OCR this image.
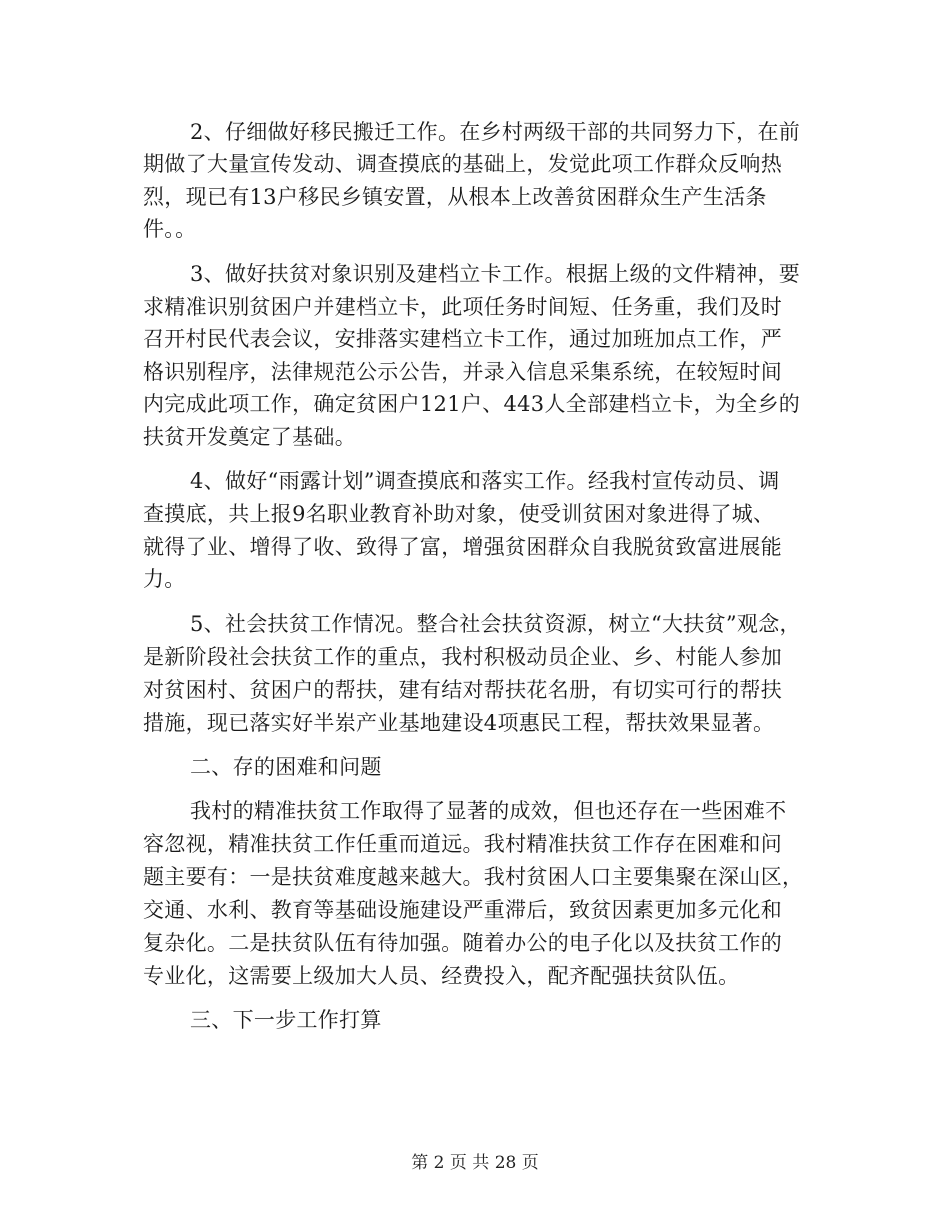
2、仔细做好移民搬迁工作。在乡村两级干部的共同努力下，在前
期做了大量宣传发动、调查摸底的基础上，发觉此项工作群众反响热
烈，现已有13户移民乡镇安置，从根本上改善贫困群众生产生活条
件。。
3、做好扶贫对象识别及建档立卡工作。根据上级的文件精神，要
求精准识别贫困户并建档立卡，此项任务时间短、任务重，我们及时
召开村民代表会议，安排落实建档立卡工作，通过加班加点工作，严
格识别程序，法律规范公示公告，并录入信息采集系统，在较短时间
内完成此项工作，确定贫困户121户、443人全部建档立卡，为全乡的
扶贫开发奠定了基础。
4、做好“雨露计划”调查摸底和落实工作。经我村宣传动员、调
查摸底，共上报9名职业教育补助对象，使受训贫困对象进得了城、
就得了业、增得了收、致得了富，增强贫困群众自我脱贫致富进展能
力。
5、社会扶贫工作情况。整合社会扶贫资源，树立“大扶贫”观念，
是新阶段社会扶贫工作的重点，我村积极动员企业、乡、村能人参加
对贫困村、贫困户的帮扶，建有结对帮扶花名册，有切实可行的帮扶
措施，现已落实好半岽产业基地建设4项惠民工程，帮扶效果显著。
二、存的困难和问题
我村的精准扶贫工作取得了显著的成效，但也还存在一些困难不
容忽视，精准扶贫工作任重而道远。我村精准扶贫工作存在困难和问
题主要有：一是扶贫难度越来越大。我村贫困人口主要集聚在深山区，
交通、水利、教育等基础设施建设严重滞后，致贫因素更加多元化和
复杂化。二是扶贫队伍有待加强。随着办公的电子化以及扶贫工作的
专业化，这需要上级加大人员、经费投入，配齐配强扶贫队伍。
三、下一步工作打算
第 2 页 共 28 页
